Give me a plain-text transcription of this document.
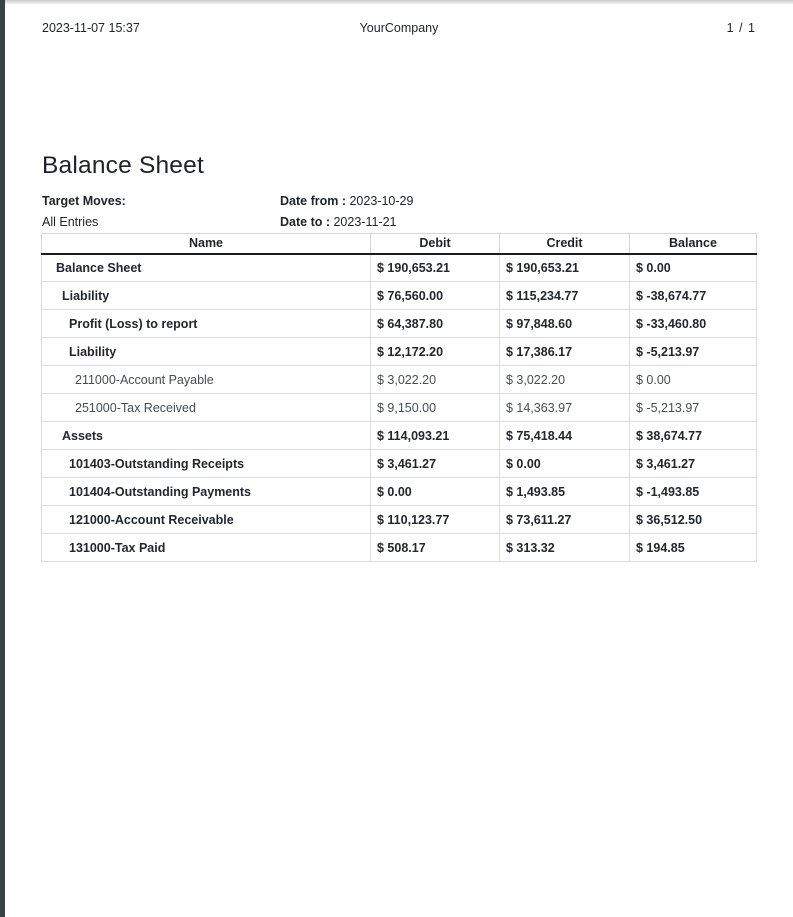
2023-11-07 15:37	YourCompany	1 / 1
Balance Sheet
Target Moves:
All Entries
Date from : 2023-10-29
Date to : 2023-11-21
Name	Debit	Credit	Balance
Balance Sheet	$ 190,653.21	$ 190,653.21	$ 0.00
Liability	$ 76,560.00	$ 115,234.77	$ -38,674.77
Profit (Loss) to report	$ 64,387.80	$ 97,848.60	$ -33,460.80
Liability	$ 12,172.20	$ 17,386.17	$ -5,213.97
211000-Account Payable	$ 3,022.20	$ 3,022.20	$ 0.00
251000-Tax Received	$ 9,150.00	$ 14,363.97	$ -5,213.97
Assets	$ 114,093.21	$ 75,418.44	$ 38,674.77
101403-Outstanding Receipts	$ 3,461.27	$ 0.00	$ 3,461.27
101404-Outstanding Payments	$ 0.00	$ 1,493.85	$ -1,493.85
121000-Account Receivable	$ 110,123.77	$ 73,611.27	$ 36,512.50
131000-Tax Paid	$ 508.17	$ 313.32	$ 194.85
